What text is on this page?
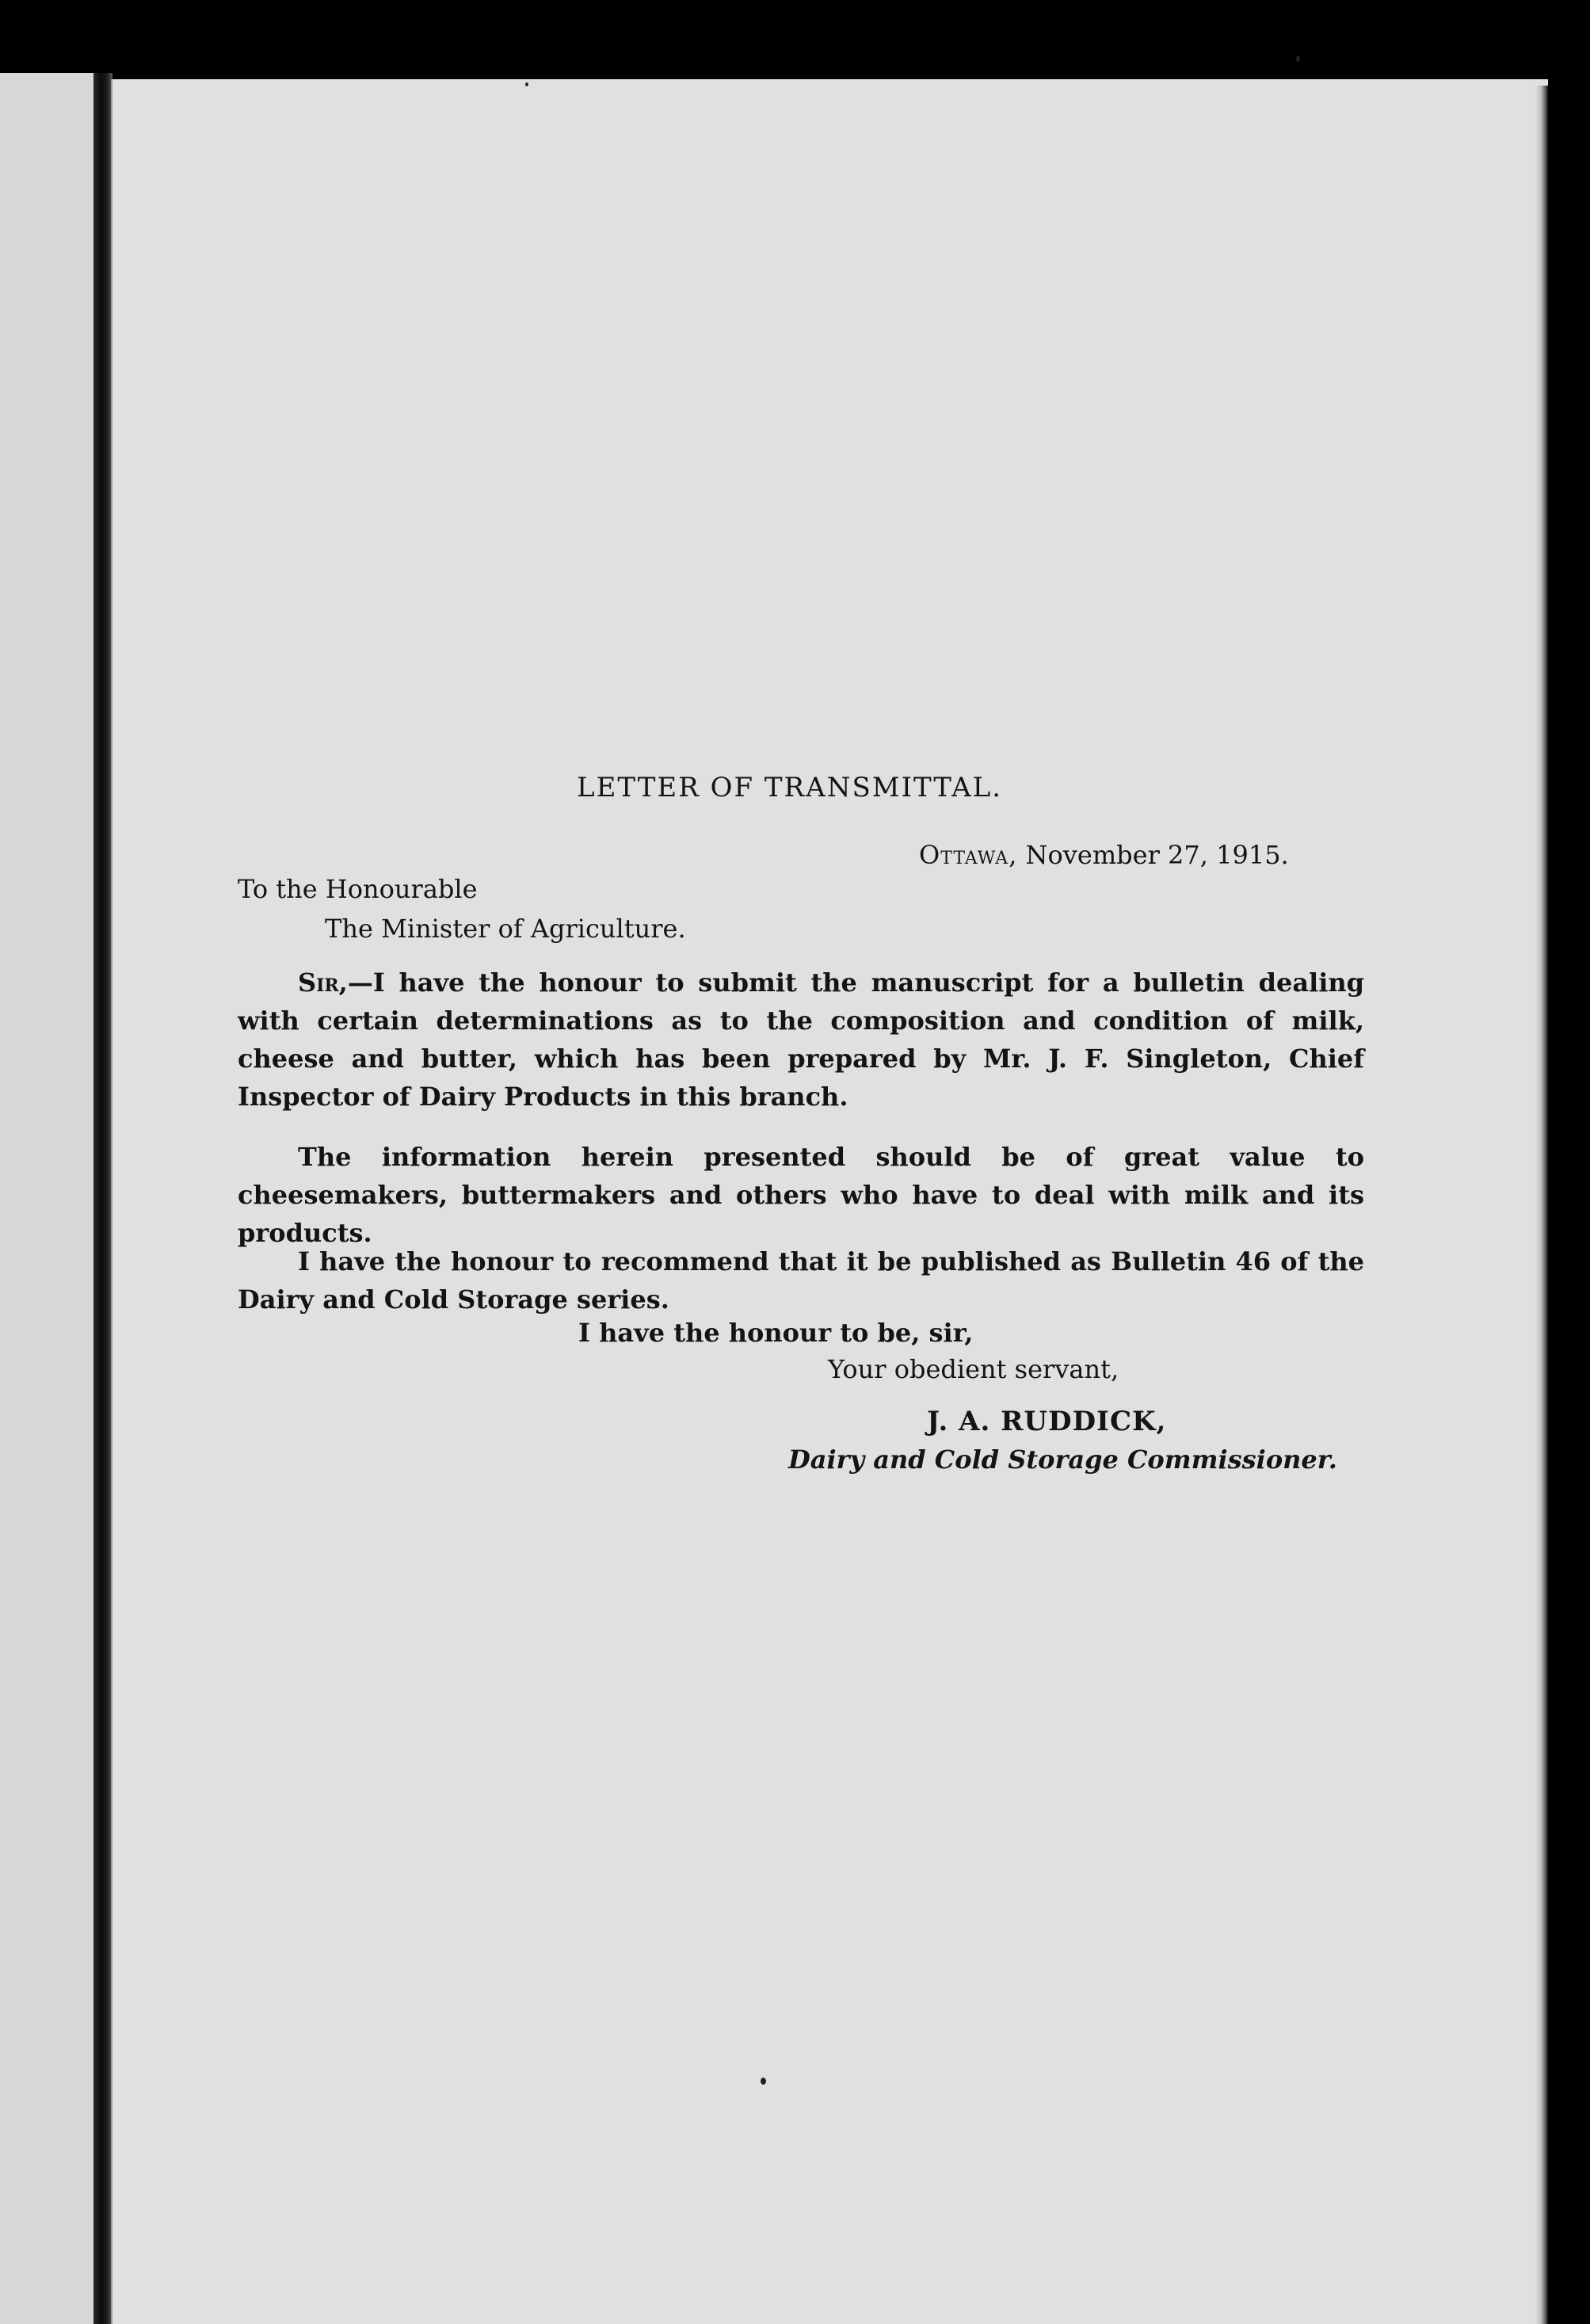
LETTER OF TRANSMITTAL.
Ottawa, November 27, 1915.
To the Honourable
The Minister of Agriculture.
Sir,—I have the honour to submit the manuscript for a bulletin dealing with certain determinations as to the composition and condition of milk, cheese and butter, which has been prepared by Mr. J. F. Singleton, Chief Inspector of Dairy Products in this branch.
The information herein presented should be of great value to cheesemakers, buttermakers and others who have to deal with milk and its products.
I have the honour to recommend that it be published as Bulletin 46 of the Dairy and Cold Storage series.
I have the honour to be, sir,
Your obedient servant,
J. A. RUDDICK,
Dairy and Cold Storage Commissioner.
